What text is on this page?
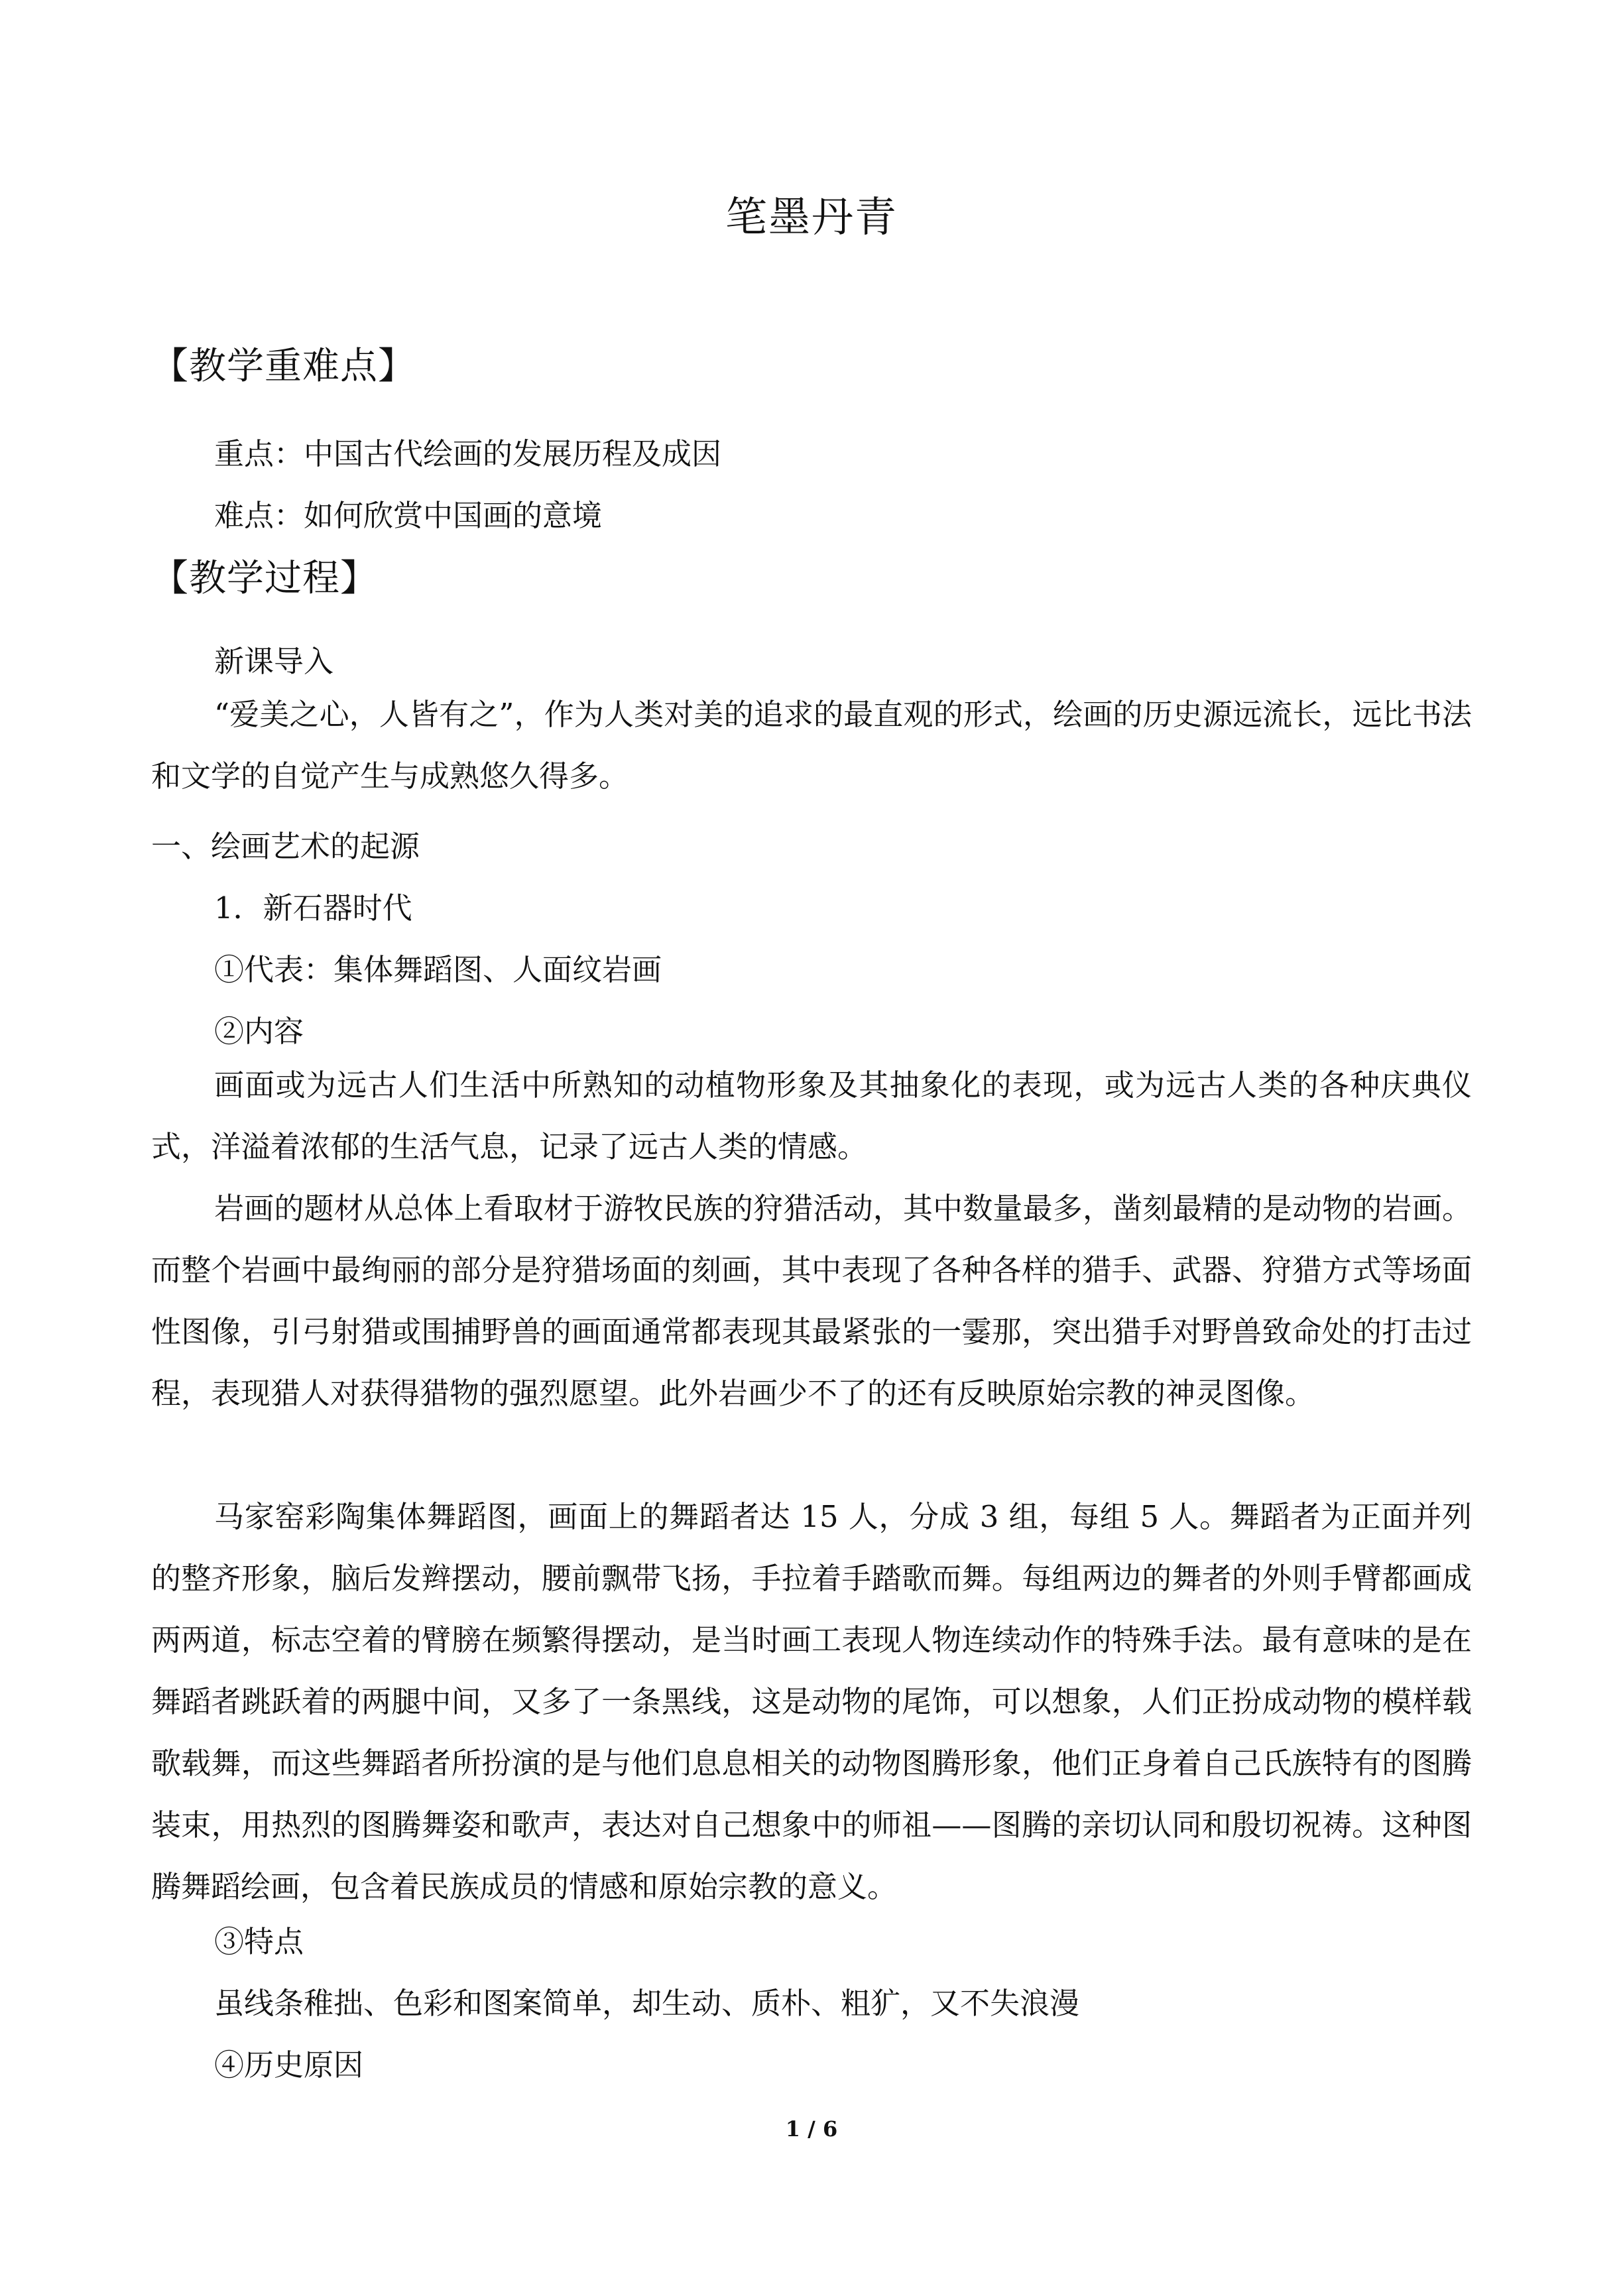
笔墨丹青
【教学重难点】
重点：中国古代绘画的发展历程及成因
难点：如何欣赏中国画的意境
【教学过程】
新课导入

“爱美之心，人皆有之”，作为人类对美的追求的最直观的形式，绘画的历史源远流长，远比书法和文学的自觉产生与成熟悠久得多。

一、绘画艺术的起源
1．新石器时代
①代表：集体舞蹈图、人面纹岩画
②内容

画面或为远古人们生活中所熟知的动植物形象及其抽象化的表现，或为远古人类的各种庆典仪式，洋溢着浓郁的生活气息，记录了远古人类的情感。

岩画的题材从总体上看取材于游牧民族的狩猎活动，其中数量最多，凿刻最精的是动物的岩画。而整个岩画中最绚丽的部分是狩猎场面的刻画，其中表现了各种各样的猎手、武器、狩猎方式等场面性图像，引弓射猎或围捕野兽的画面通常都表现其最紧张的一霎那，突出猎手对野兽致命处的打击过程，表现猎人对获得猎物的强烈愿望。此外岩画少不了的还有反映原始宗教的神灵图像。

马家窑彩陶集体舞蹈图，画面上的舞蹈者达 15 人，分成 3 组，每组 5 人。舞蹈者为正面并列的整齐形象，脑后发辫摆动，腰前飘带飞扬，手拉着手踏歌而舞。每组两边的舞者的外则手臂都画成两两道，标志空着的臂膀在频繁得摆动，是当时画工表现人物连续动作的特殊手法。最有意味的是在舞蹈者跳跃着的两腿中间，又多了一条黑线，这是动物的尾饰，可以想象，人们正扮成动物的模样载歌载舞，而这些舞蹈者所扮演的是与他们息息相关的动物图腾形象，他们正身着自己氏族特有的图腾装束，用热烈的图腾舞姿和歌声，表达对自己想象中的师祖——图腾的亲切认同和殷切祝祷。这种图腾舞蹈绘画，包含着民族成员的情感和原始宗教的意义。

③特点
虽线条稚拙、色彩和图案简单，却生动、质朴、粗犷，又不失浪漫
④历史原因
1 / 6
